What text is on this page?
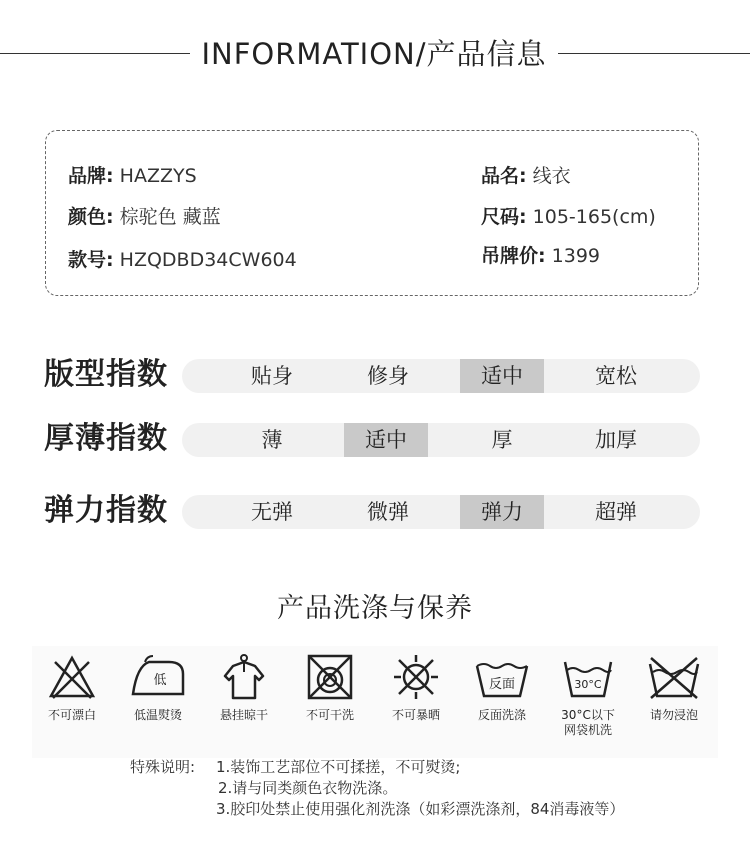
INFORMATION/产品信息
品牌: HAZZYS	品名: 线衣
颜色: 棕驼色 藏蓝	尺码: 105-165(cm)
款号: HZQDBD34CW604	吊牌价: 1399
版型指数	贴身	修身	适中	宽松
厚薄指数	薄	适中	厚	加厚
弹力指数	无弹	微弹	弹力	超弹
产品洗涤与保养
不可漂白
低
低温熨烫	悬挂晾干	不可干洗	不可暴晒
反面
反面洗涤
30°C
30°C以下
网袋机洗
请勿浸泡
特殊说明: 1.装饰工艺部位不可揉搓，不可熨烫;
2.请与同类颜色衣物洗涤。
3.胶印处禁止使用强化剂洗涤（如彩漂洗涤剂，84消毒液等）
